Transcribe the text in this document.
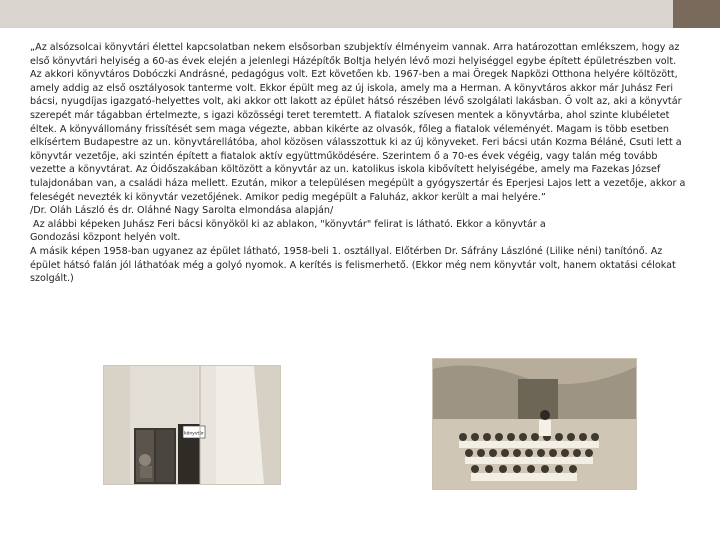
„Az alsózsolcai könyvtári élettel kapcsolatban nekem elsősorban szubjektív élményeim vannak. Arra határozottan emlékszem, hogy az első könyvtári helyiség a 60-as évek elején a jelenlegi Házépítők Boltja helyén lévő mozi helyiséggel egybe épített épületrészben volt. Az akkori könyvtáros Dobóczki Andrásné, pedagógus volt. Ezt követően kb. 1967-ben a mai Öregek Napközi Otthona helyére költözött, amely addig az első osztályosok tanterme volt. Ekkor épült meg az új iskola, amely ma a Herman. A könyvtáros akkor már Juhász Feri bácsi, nyugdíjas igazgató-helyettes volt, aki akkor ott lakott az épület hátsó részében lévő szolgálati lakásban. Ő volt az, aki a könyvtár szerepét már tágabban értelmezte, s igazi közösségi teret teremtett. A fiatalok szívesen mentek a könyvtárba, ahol szinte klubéletet éltek. A könyvállomány frissítését sem maga végezte, abban kikérte az olvasók, főleg a fiatalok véleményét. Magam is több esetben elkísértem Budapestre az un. könyvtárellátóba, ahol közösen válasszottuk ki az új könyveket. Feri bácsi után Kozma Béláné, Csuti lett a könyvtár vezetője, aki szintén épített a fiatalok aktív együttműködésére. Szerintem ő a 70-es évek végéig, vagy talán még tovább vezette a könyvtárat. Az Óidőszakában költözött a könyvtár az un. katolikus iskola kibővített helyiségébe, amely ma Fazekas József tulajdonában van, a családi háza mellett. Ezután, mikor a településen megépült a gyógyszertár és Eperjesi Lajos lett a vezetője, akkor a feleségét nevezték ki könyvtár vezetőjének. Amikor pedig megépült a Faluház, akkor került a mai helyére.”

/Dr. Oláh László és dr. Oláhné Nagy Sarolta elmondása alapján/

Az alábbi képeken Juhász Feri bácsi könyököl ki az ablakon, "könyvtár" felirat is látható. Ekkor a könyvtár a

Gondozási központ helyén volt.

A másik képen 1958-ban ugyanez az épület látható, 1958-beli 1. osztállyal. Előtérben Dr. Sáfrány Lászlóné (Lilike néni) tanítónő. Az épület hátsó falán jól láthatóak még a golyó nyomok. A kerítés is felismerhető. (Ekkor még nem könyvtár volt, hanem oktatási célokat szolgált.)

könyvtár
